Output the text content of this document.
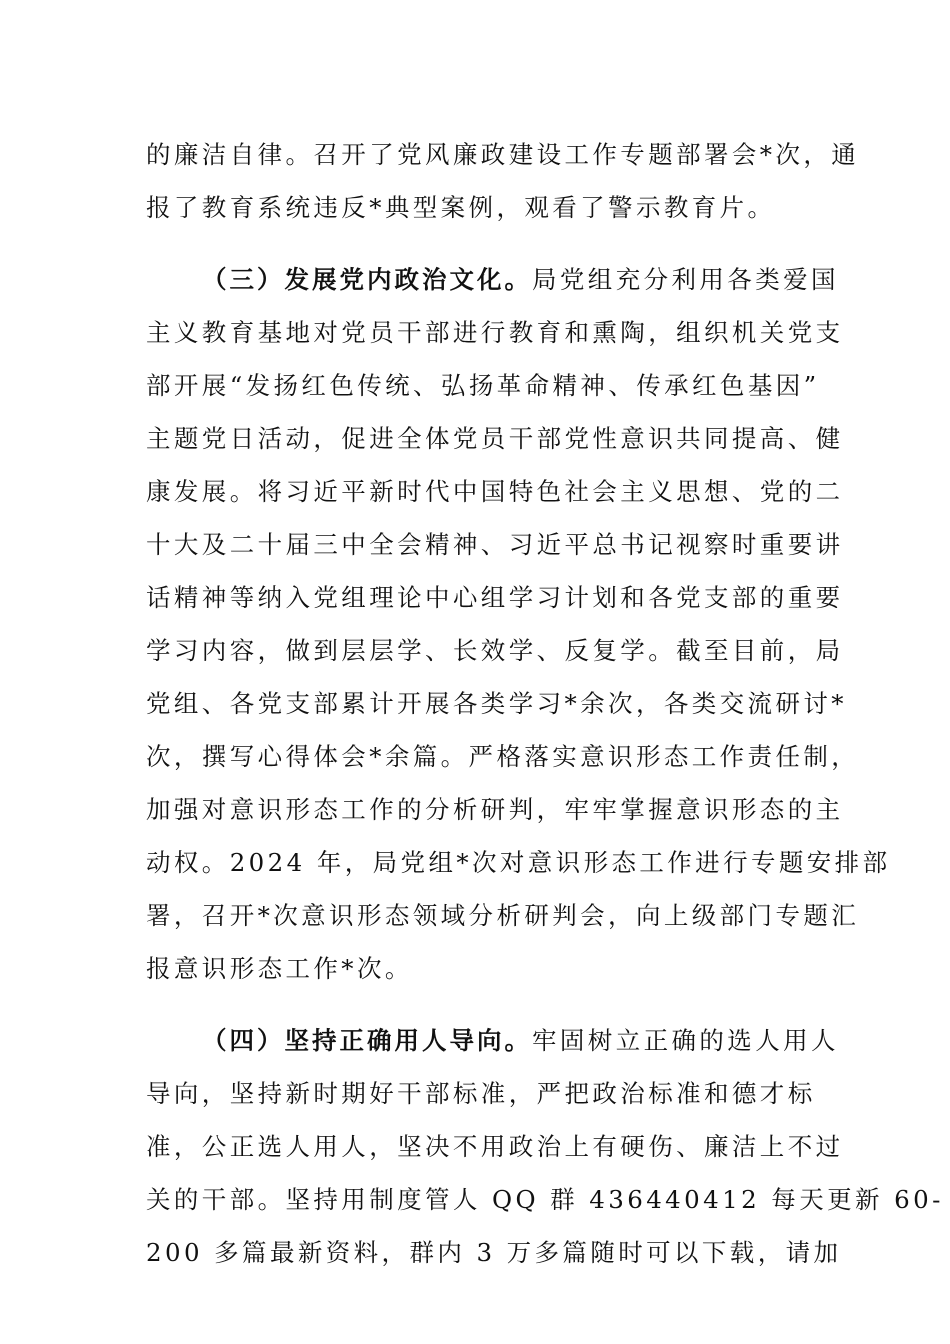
的廉洁自律。召开了党风廉政建设工作专题部署会*次，通
报了教育系统违反*典型案例，观看了警示教育片。
（三）发展党内政治文化。局党组充分利用各类爱国
主义教育基地对党员干部进行教育和熏陶，组织机关党支
部开展“发扬红色传统、弘扬革命精神、传承红色基因”
主题党日活动，促进全体党员干部党性意识共同提高、健
康发展。将习近平新时代中国特色社会主义思想、党的二
十大及二十届三中全会精神、习近平总书记视察时重要讲
话精神等纳入党组理论中心组学习计划和各党支部的重要
学习内容，做到层层学、长效学、反复学。截至目前，局
党组、各党支部累计开展各类学习*余次，各类交流研讨*
次，撰写心得体会*余篇。严格落实意识形态工作责任制，
加强对意识形态工作的分析研判，牢牢掌握意识形态的主
动权。2024 年，局党组*次对意识形态工作进行专题安排部
署，召开*次意识形态领域分析研判会，向上级部门专题汇
报意识形态工作*次。
（四）坚持正确用人导向。牢固树立正确的选人用人
导向，坚持新时期好干部标准，严把政治标准和德才标
准，公正选人用人，坚决不用政治上有硬伤、廉洁上不过
关的干部。坚持用制度管人 QQ 群 436440412 每天更新 60-
200 多篇最新资料，群内 3 万多篇随时可以下载，请加
